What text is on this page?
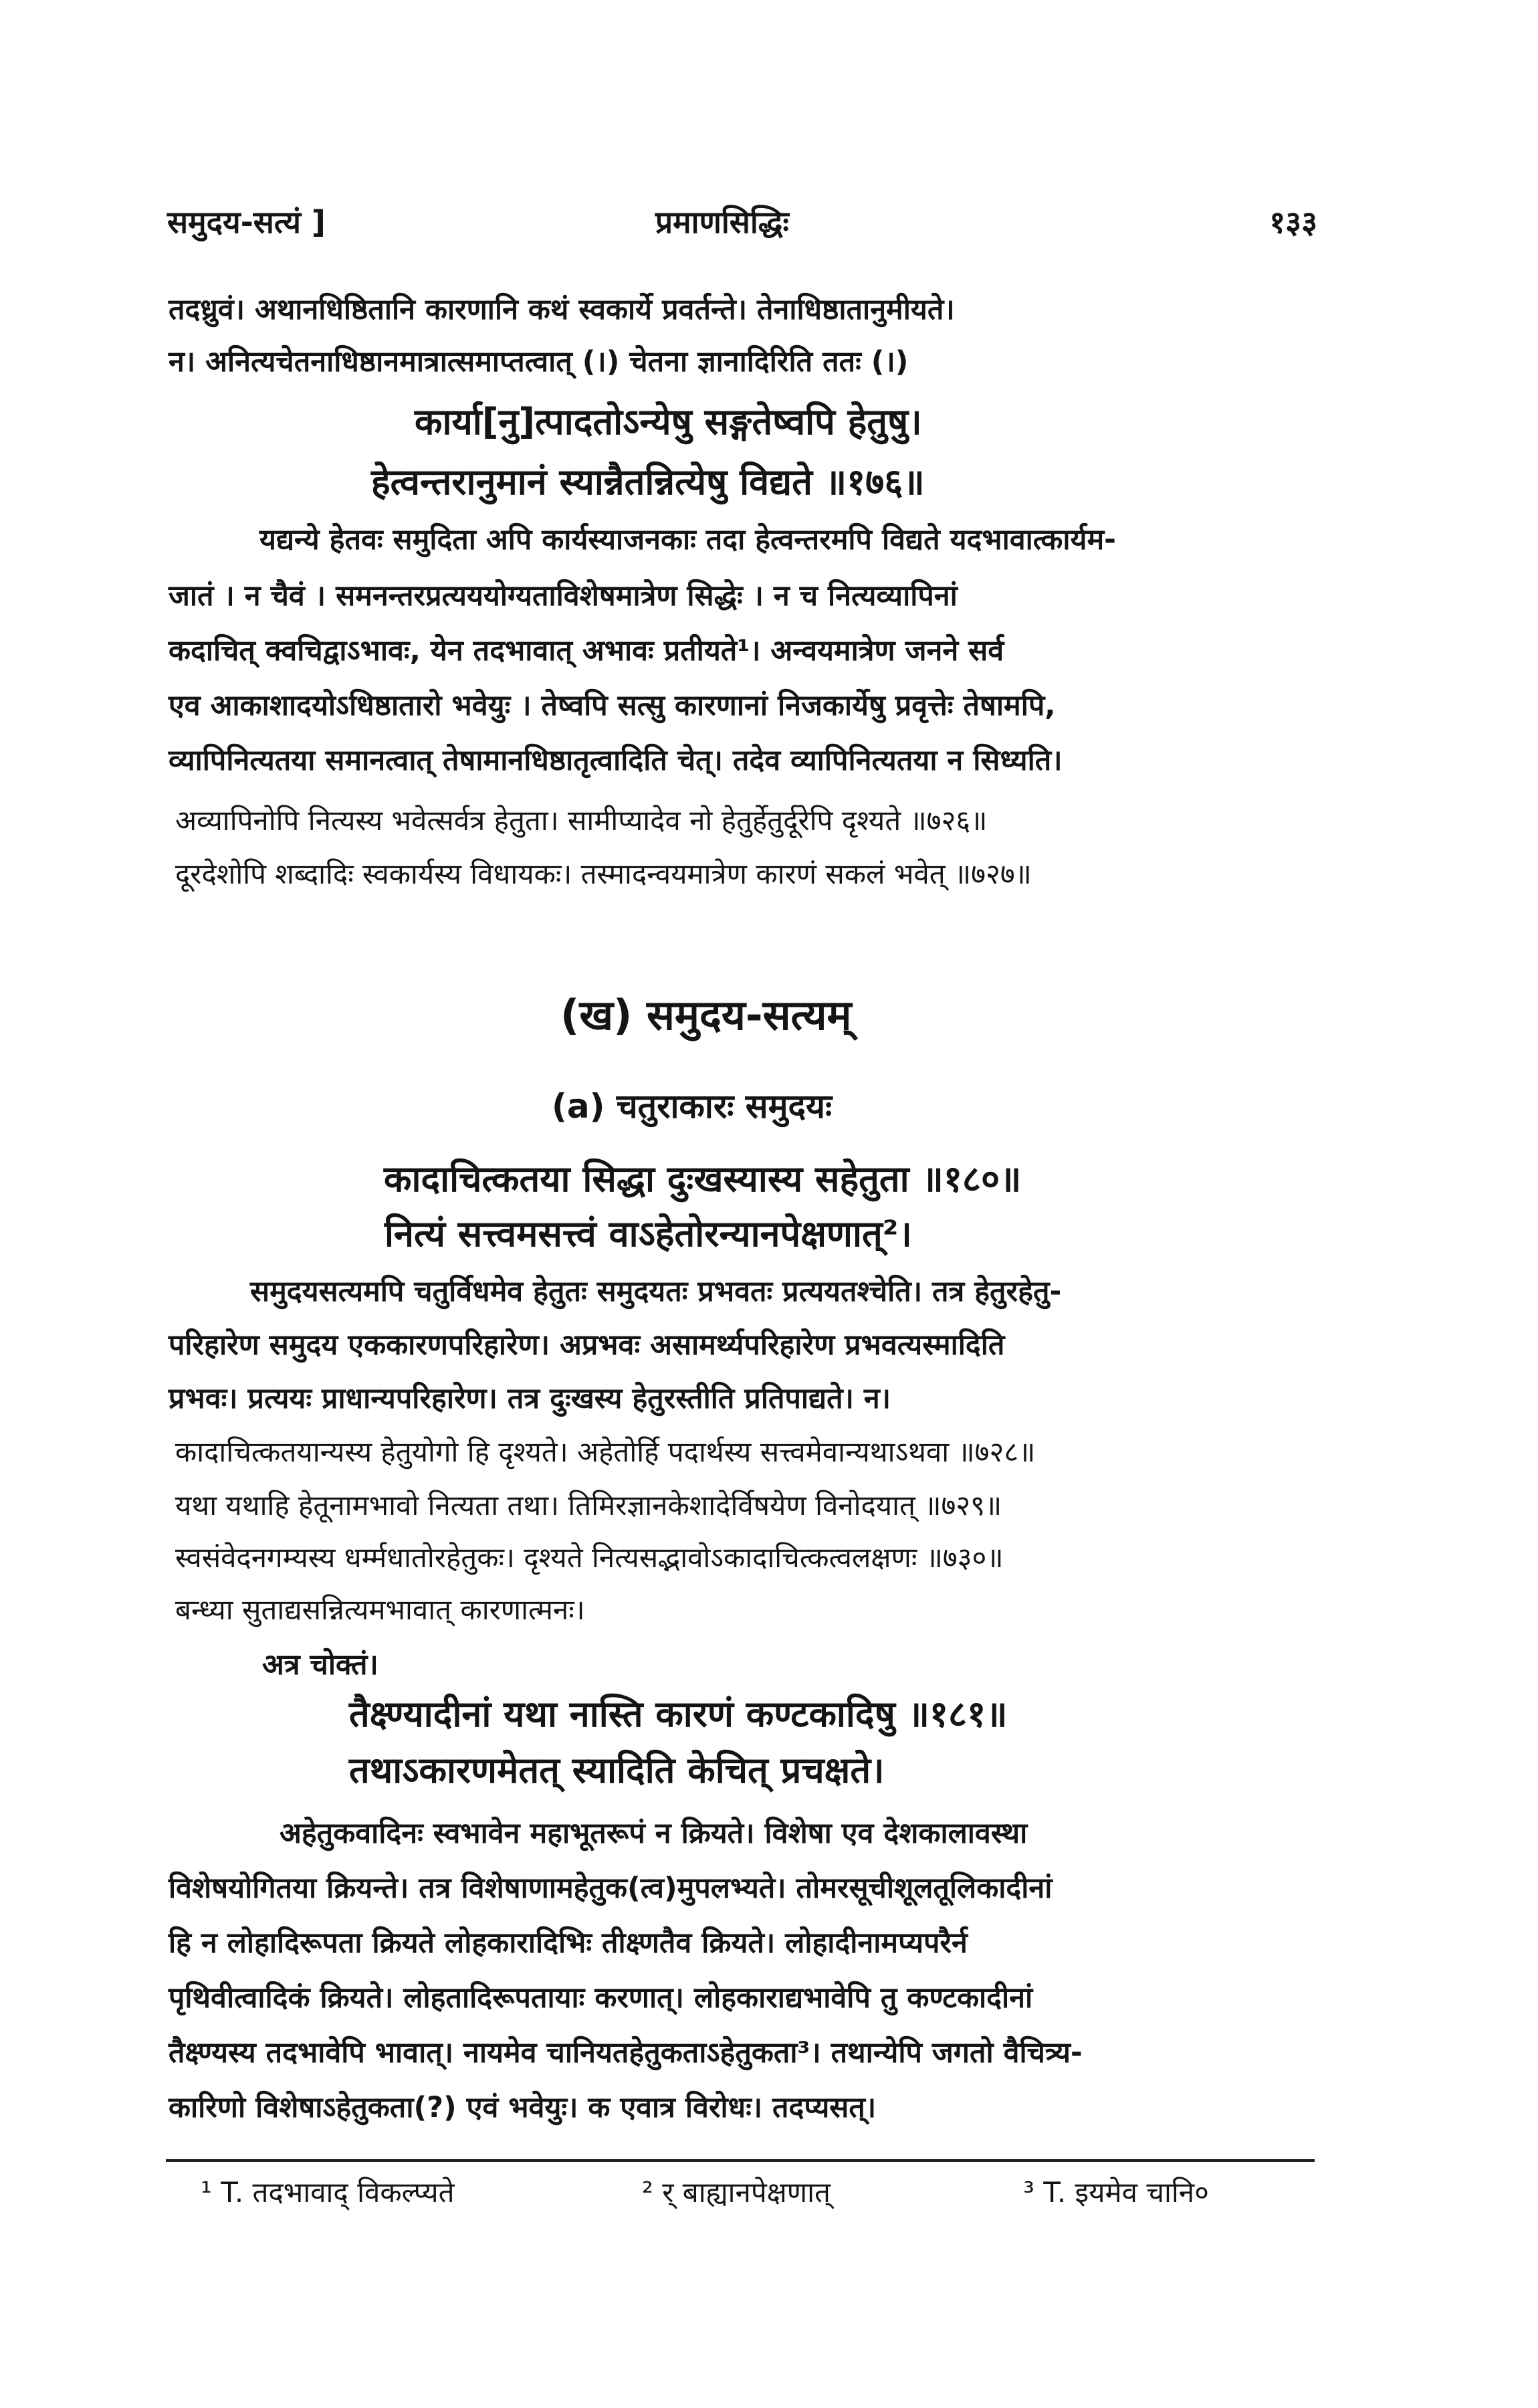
समुदय-सत्यं ]	प्रमाणसिद्धिः	१३३
तदध्रुवं। अथानधिष्ठितानि कारणानि कथं स्वकार्ये प्रवर्तन्ते। तेनाधिष्ठातानुमीयते।
न। अनित्यचेतनाधिष्ठानमात्रात्समाप्तत्वात् (।) चेतना ज्ञानादिरिति ततः (।)
कार्या[नु]त्पादतोऽन्येषु सङ्गतेष्वपि हेतुषु।
हेत्वन्तरानुमानं स्यान्नैतन्नित्येषु विद्यते ॥१७६॥
यद्यन्ये हेतवः समुदिता अपि कार्यस्याजनकाः तदा हेत्वन्तरमपि विद्यते यदभावात्कार्यम-
जातं । न चैवं । समनन्तरप्रत्यययोग्यताविशेषमात्रेण सिद्धेः । न च नित्यव्यापिनां
कदाचित् क्वचिद्वाऽभावः, येन तदभावात् अभावः प्रतीयते¹। अन्वयमात्रेण जनने सर्व
एव आकाशादयोऽधिष्ठातारो भवेयुः । तेष्वपि सत्सु कारणानां निजकार्येषु प्रवृत्तेः तेषामपि,
व्यापिनित्यतया समानत्वात् तेषामानधिष्ठातृत्वादिति चेत्। तदेव व्यापिनित्यतया न सिध्यति।
अव्यापिनोपि नित्यस्य भवेत्सर्वत्र हेतुता। सामीप्यादेव नो हेतुर्हेतुर्दूरेपि दृश्यते ॥७२६॥
दूरदेशोपि शब्दादिः स्वकार्यस्य विधायकः। तस्मादन्वयमात्रेण कारणं सकलं भवेत् ॥७२७॥
(ख) समुदय-सत्यम्
(a) चतुराकारः समुदयः
कादाचित्कतया सिद्धा दुःखस्यास्य सहेतुता ॥१८०॥
नित्यं सत्त्वमसत्त्वं वाऽहेतोरन्यानपेक्षणात्²।
समुदयसत्यमपि चतुर्विधमेव हेतुतः समुदयतः प्रभवतः प्रत्ययतश्चेति। तत्र हेतुरहेतु-
परिहारेण समुदय एककारणपरिहारेण। अप्रभवः असामर्थ्यपरिहारेण प्रभवत्यस्मादिति
प्रभवः। प्रत्ययः प्राधान्यपरिहारेण। तत्र दुःखस्य हेतुरस्तीति प्रतिपाद्यते। न।
कादाचित्कतयान्यस्य हेतुयोगो हि दृश्यते। अहेतोर्हि पदार्थस्य सत्त्वमेवान्यथाऽथवा ॥७२८॥
यथा यथाहि हेतूनामभावो नित्यता तथा। तिमिरज्ञानकेशादेर्विषयेण विनोदयात् ॥७२९॥
स्वसंवेदनगम्यस्य धर्म्मधातोरहेतुकः। दृश्यते नित्यसद्भावोऽकादाचित्कत्वलक्षणः ॥७३०॥
बन्ध्या सुताद्यसन्नित्यमभावात् कारणात्मनः।
अत्र चोक्तं।
तैक्ष्ण्यादीनां यथा नास्ति कारणं कण्टकादिषु ॥१८१॥
तथाऽकारणमेतत् स्यादिति केचित् प्रचक्षते।
अहेतुकवादिनः स्वभावेन महाभूतरूपं न क्रियते। विशेषा एव देशकालावस्था
विशेषयोगितया क्रियन्ते। तत्र विशेषाणामहेतुक(त्व)मुपलभ्यते। तोमरसूचीशूलतूलिकादीनां
हि न लोहादिरूपता क्रियते लोहकारादिभिः तीक्ष्णतैव क्रियते। लोहादीनामप्यपरैर्न
पृथिवीत्वादिकं क्रियते। लोहतादिरूपतायाः करणात्। लोहकाराद्यभावेपि तु कण्टकादीनां
तैक्ष्ण्यस्य तदभावेपि भावात्। नायमेव चानियतहेतुकताऽहेतुकता³। तथान्येपि जगतो वैचित्र्य-
कारिणो विशेषाऽहेतुकता(?) एवं भवेयुः। क एवात्र विरोधः। तदप्यसत्।
¹ T. तदभावाद् विकल्प्यते	² र् बाह्यानपेक्षणात्	³ T. इयमेव चानि०
